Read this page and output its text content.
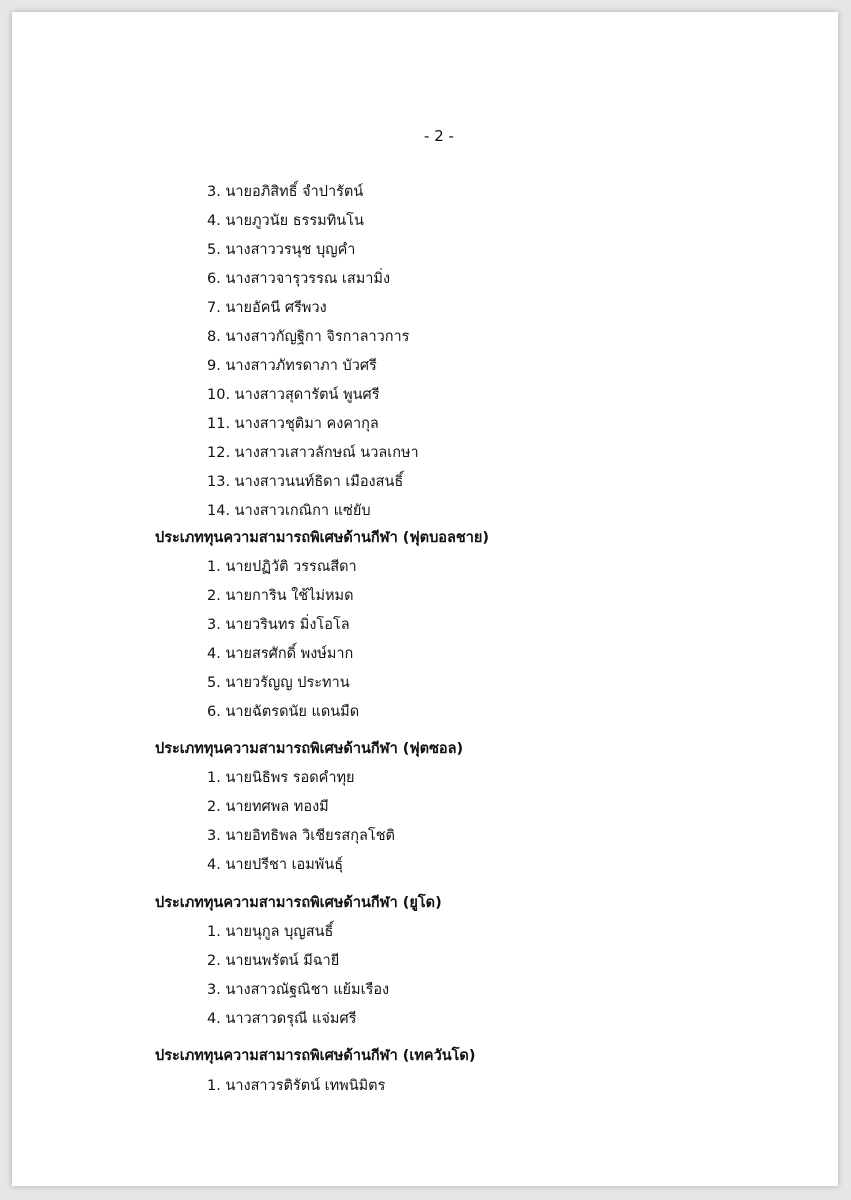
- 2 -
3. นายอภิสิทธิ์ จำปารัตน์
4. นายภูวนัย ธรรมทินโน
5. นางสาววรนุช บุญคำ
6. นางสาวจารุวรรณ เสมามิ่ง
7. นายอัคนี ศรีพวง
8. นางสาวกัญฐิกา จิรกาลาวการ
9. นางสาวภัทรดาภา บัวศรี
10. นางสาวสุดารัตน์ พูนศรี
11. นางสาวชุติมา คงคากุล
12. นางสาวเสาวลักษณ์ นวลเกษา
13. นางสาวนนท์ธิดา เมืองสนธิ์
14. นางสาวเกณิกา แซ่ยับ
ประเภททุนความสามารถพิเศษด้านกีฬา (ฟุตบอลชาย)
1. นายปฏิวัติ วรรณสีดา
2. นายการิน ใช้ไม่หมด
3. นายวรินทร มิ่งโอโล
4. นายสรศักดิ์ พงษ์มาก
5. นายวรัญญ ประทาน
6. นายฉัตรดนัย แดนมืด
ประเภททุนความสามารถพิเศษด้านกีฬา (ฟุตซอล)
1. นายนิธิพร รอดคำทุย
2. นายทศพล ทองมี
3. นายอิทธิพล วิเชียรสกุลโชติ
4. นายปรีชา เอมพันธุ์
ประเภททุนความสามารถพิเศษด้านกีฬา (ยูโด)
1. นายนุกูล บุญสนธิ์
2. นายนพรัตน์ มีฉายี
3. นางสาวณัฐณิชา แย้มเรือง
4. นาวสาวดรุณี แจ่มศรี
ประเภททุนความสามารถพิเศษด้านกีฬา (เทควันโด)
1. นางสาวรติรัตน์ เทพนิมิตร
